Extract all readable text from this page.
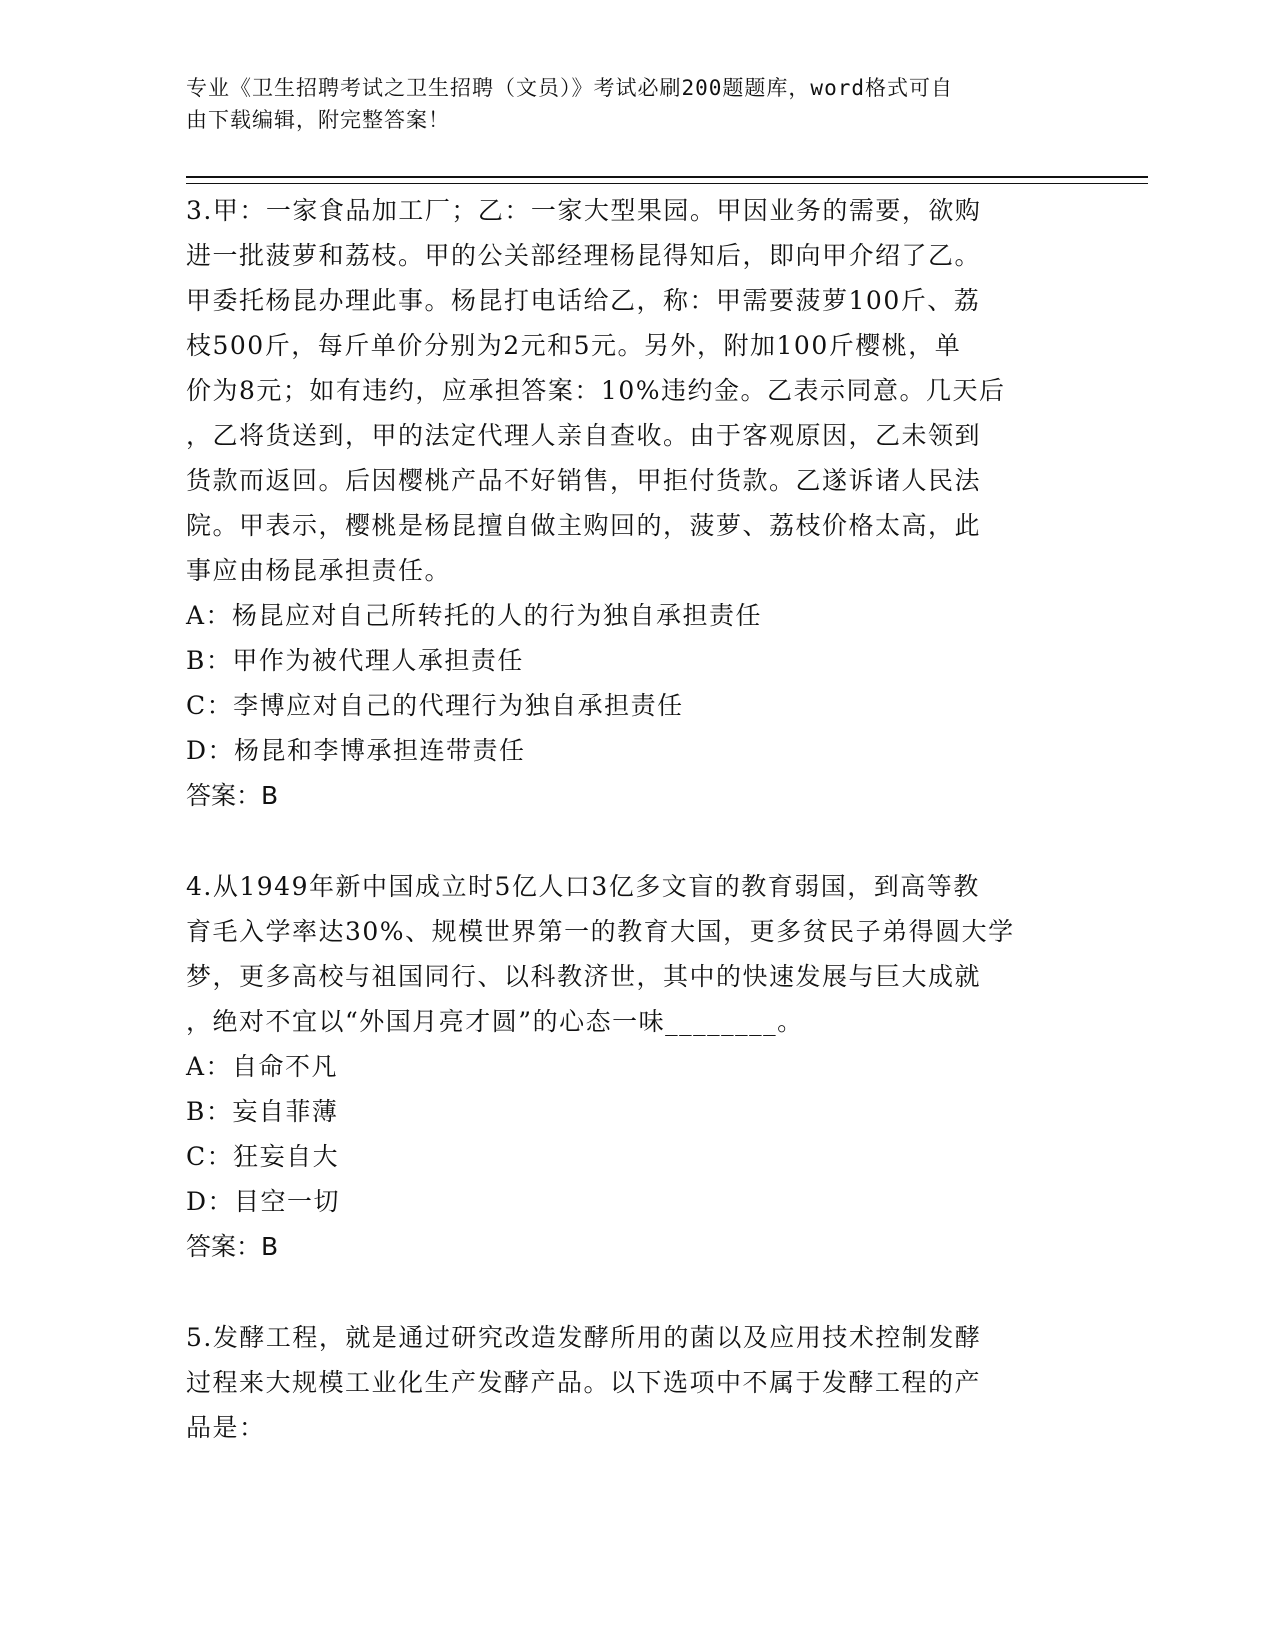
专业《卫生招聘考试之卫生招聘（文员）》考试必刷200题题库，word格式可自
由下载编辑，附完整答案！
3.甲：一家食品加工厂；乙：一家大型果园。甲因业务的需要，欲购
进一批菠萝和荔枝。甲的公关部经理杨昆得知后，即向甲介绍了乙。
甲委托杨昆办理此事。杨昆打电话给乙，称：甲需要菠萝100斤、荔
枝500斤，每斤单价分别为2元和5元。另外，附加100斤樱桃，单
价为8元；如有违约，应承担答案：10%违约金。乙表示同意。几天后
，乙将货送到，甲的法定代理人亲自查收。由于客观原因，乙未领到
货款而返回。后因樱桃产品不好销售，甲拒付货款。乙遂诉诸人民法
院。甲表示，樱桃是杨昆擅自做主购回的，菠萝、荔枝价格太高，此
事应由杨昆承担责任。
A：杨昆应对自己所转托的人的行为独自承担责任
B：甲作为被代理人承担责任
C：李博应对自己的代理行为独自承担责任
D：杨昆和李博承担连带责任
答案：B
4.从1949年新中国成立时5亿人口3亿多文盲的教育弱国，到高等教
育毛入学率达30%、规模世界第一的教育大国，更多贫民子弟得圆大学
梦，更多高校与祖国同行、以科教济世，其中的快速发展与巨大成就
，绝对不宜以“外国月亮才圆”的心态一味________。
A：自命不凡
B：妄自菲薄
C：狂妄自大
D：目空一切
答案：B
5.发酵工程，就是通过研究改造发酵所用的菌以及应用技术控制发酵
过程来大规模工业化生产发酵产品。以下选项中不属于发酵工程的产
品是：
